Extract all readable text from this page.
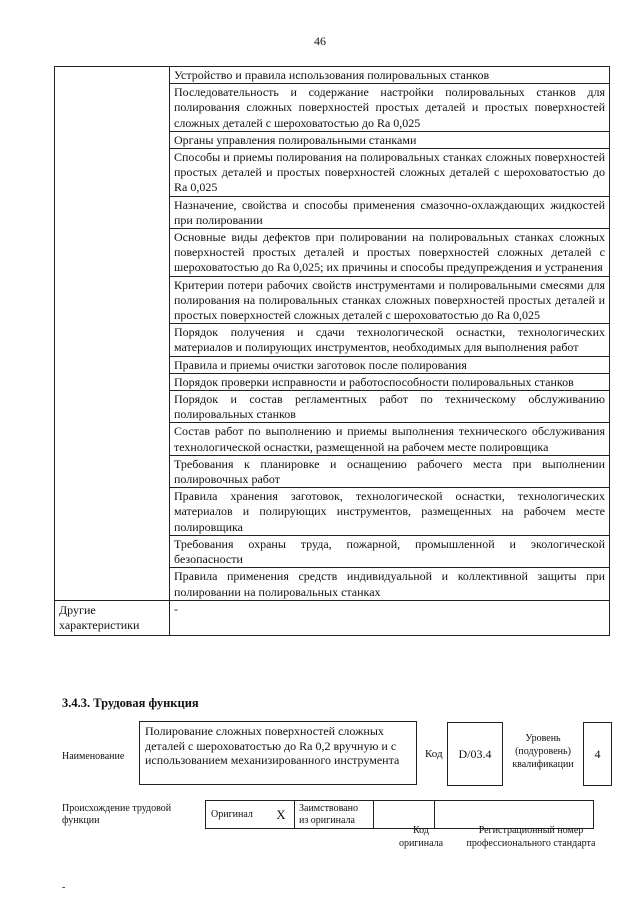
46
	Устройство и правила использования полировальных станков
	Последовательность и содержание настройки полировальных станков для полирования сложных поверхностей простых деталей и простых поверхностей сложных деталей с шероховатостью до Ra 0,025
	Органы управления полировальными станками
	Способы и приемы полирования на полировальных станках сложных поверхностей простых деталей и простых поверхностей сложных деталей с шероховатостью до Ra 0,025
	Назначение, свойства и способы применения смазочно-охлаждающих жидкостей при полировании
	Основные виды дефектов при полировании на полировальных станках сложных поверхностей простых деталей и простых поверхностей сложных деталей с шероховатостью до Ra 0,025; их причины и способы предупреждения и устранения
	Критерии потери рабочих свойств инструментами и полировальными смесями для полирования на полировальных станках сложных поверхностей простых деталей и простых поверхностей сложных деталей с шероховатостью до Ra 0,025
	Порядок получения и сдачи технологической оснастки, технологических материалов и полирующих инструментов, необходимых для выполнения работ
	Правила и приемы очистки заготовок после полирования
	Порядок проверки исправности и работоспособности полировальных станков
	Порядок и состав регламентных работ по техническому обслуживанию полировальных станков
	Состав работ по выполнению и приемы выполнения технического обслуживания технологической оснастки, размещенной на рабочем месте полировщика
	Требования к планировке и оснащению рабочего места при выполнении полировочных работ
	Правила хранения заготовок, технологической оснастки, технологических материалов и полирующих инструментов, размещенных на рабочем месте полировщика
	Требования охраны труда, пожарной, промышленной и экологической безопасности
	Правила применения средств индивидуальной и коллективной защиты при полировании на полировальных станках
Другие характеристики	-
3.4.3. Трудовая функция
Наименование
Полирование сложных поверхностей сложных деталей с шероховатостью до Ra 0,2 вручную и с использованием механизированного инструмента	Код	D/03.4
Уровень (подуровень) квалификации
4
Происхождение трудовой функции
Оригинал	X	Заимствовано из оригинала		
Код оригинала
Регистрационный номер профессионального стандарта
-
